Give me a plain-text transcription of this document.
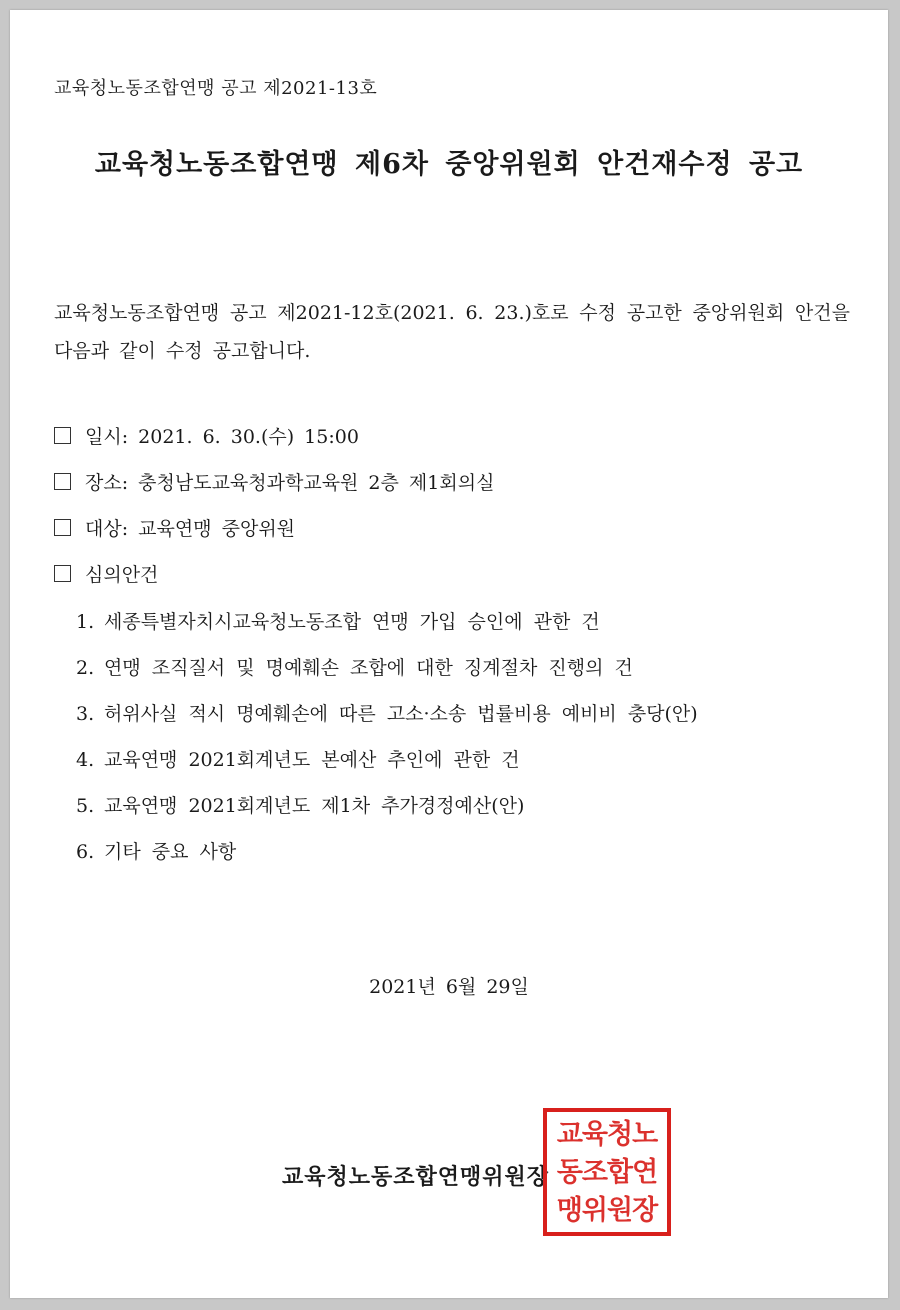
교육청노동조합연맹 공고 제2021-13호
교육청노동조합연맹 제6차 중앙위원회 안건재수정 공고
교육청노동조합연맹 공고 제2021-12호(2021. 6. 23.)호로 수정 공고한 중앙위원회 안건을 다음과 같이 수정 공고합니다.
일시: 2021. 6. 30.(수) 15:00
장소: 충청남도교육청과학교육원 2층 제1회의실
대상: 교육연맹 중앙위원
심의안건
1. 세종특별자치시교육청노동조합 연맹 가입 승인에 관한 건
2. 연맹 조직질서 및 명예훼손 조합에 대한 징계절차 진행의 건
3. 허위사실 적시 명예훼손에 따른 고소·소송 법률비용 예비비 충당(안)
4. 교육연맹 2021회계년도 본예산 추인에 관한 건
5. 교육연맹 2021회계년도 제1차 추가경정예산(안)
6. 기타 중요 사항
2021년 6월 29일
교육청노동조합연맹위원장
교육청노
동조합연
맹위원장
